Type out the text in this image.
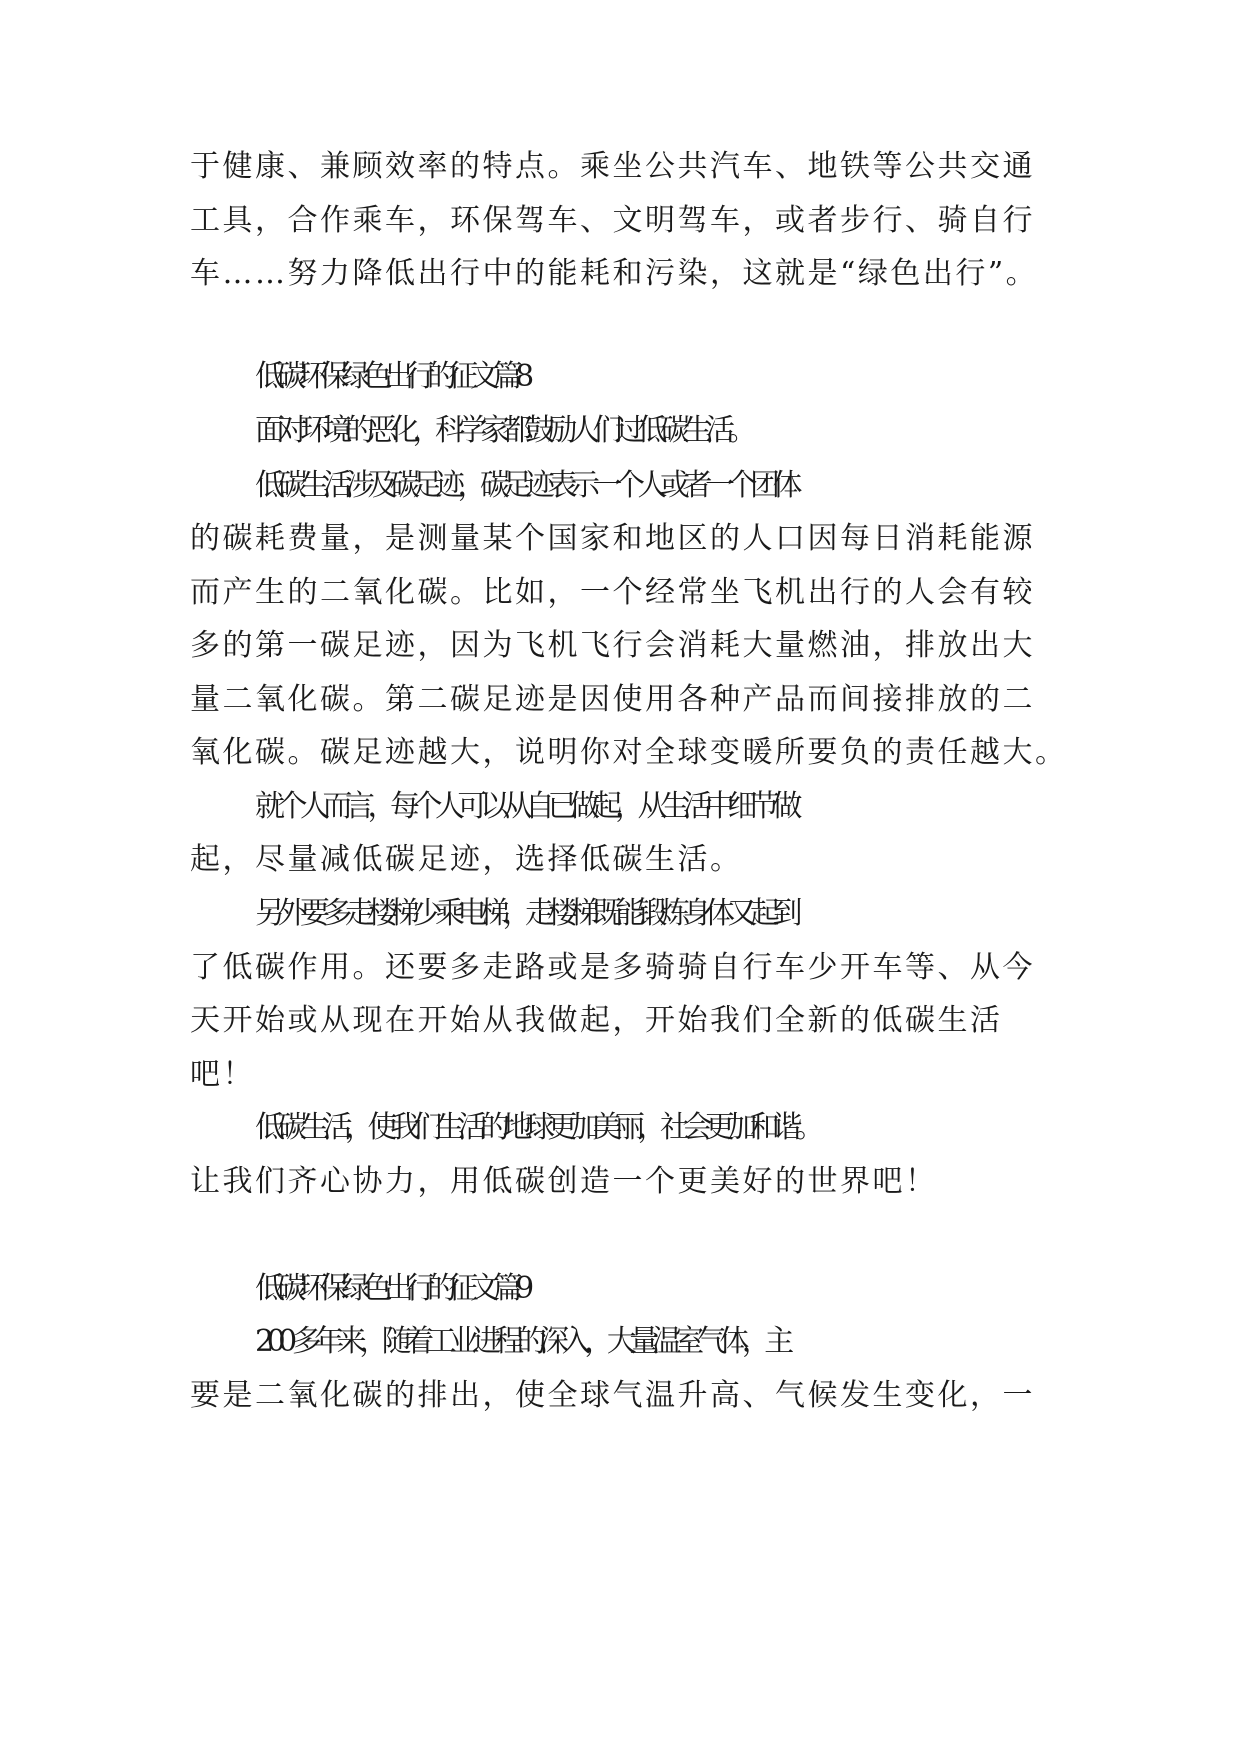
于健康、兼顾效率的特点。乘坐公共汽车、地铁等公共交通
工具，合作乘车，环保驾车、文明驾车，或者步行、骑自行
车……努力降低出行中的能耗和污染，这就是“绿色出行”。
低碳环保绿色出行的征文 篇 8
面对环境的恶化，科学家都鼓励人们过低碳生活。
低碳生活涉及碳足迹，碳足迹表示一个人或者一个团体
的碳耗费量，是测量某个国家和地区的人口因每日消耗能源
而产生的二氧化碳。比如，一个经常坐飞机出行的人会有较
多的第一碳足迹，因为飞机飞行会消耗大量燃油，排放出大
量二氧化碳。第二碳足迹是因使用各种产品而间接排放的二
氧化碳。碳足迹越大，说明你对全球变暖所要负的责任越大。
就个人而言，每个人可以从自已做起，从生活中细节做
起，尽量减低碳足迹，选择低碳生活。
另外要多走楼梯少乘电梯，走楼梯既能锻炼身体又起到
了低碳作用。还要多走路或是多骑骑自行车少开车等、从今
天开始或从现在开始从我做起，开始我们全新的低碳生活
吧！
低碳生活，使我们生活的地球更加美丽，社会更加和谐。
让我们齐心协力，用低碳创造一个更美好的世界吧！
低碳环保绿色出行的征文 篇 9
200 多年来，随着工业进程的深入，大量温室气体，主
要是二氧化碳的排出，使全球气温升高、气候发生变化，一
